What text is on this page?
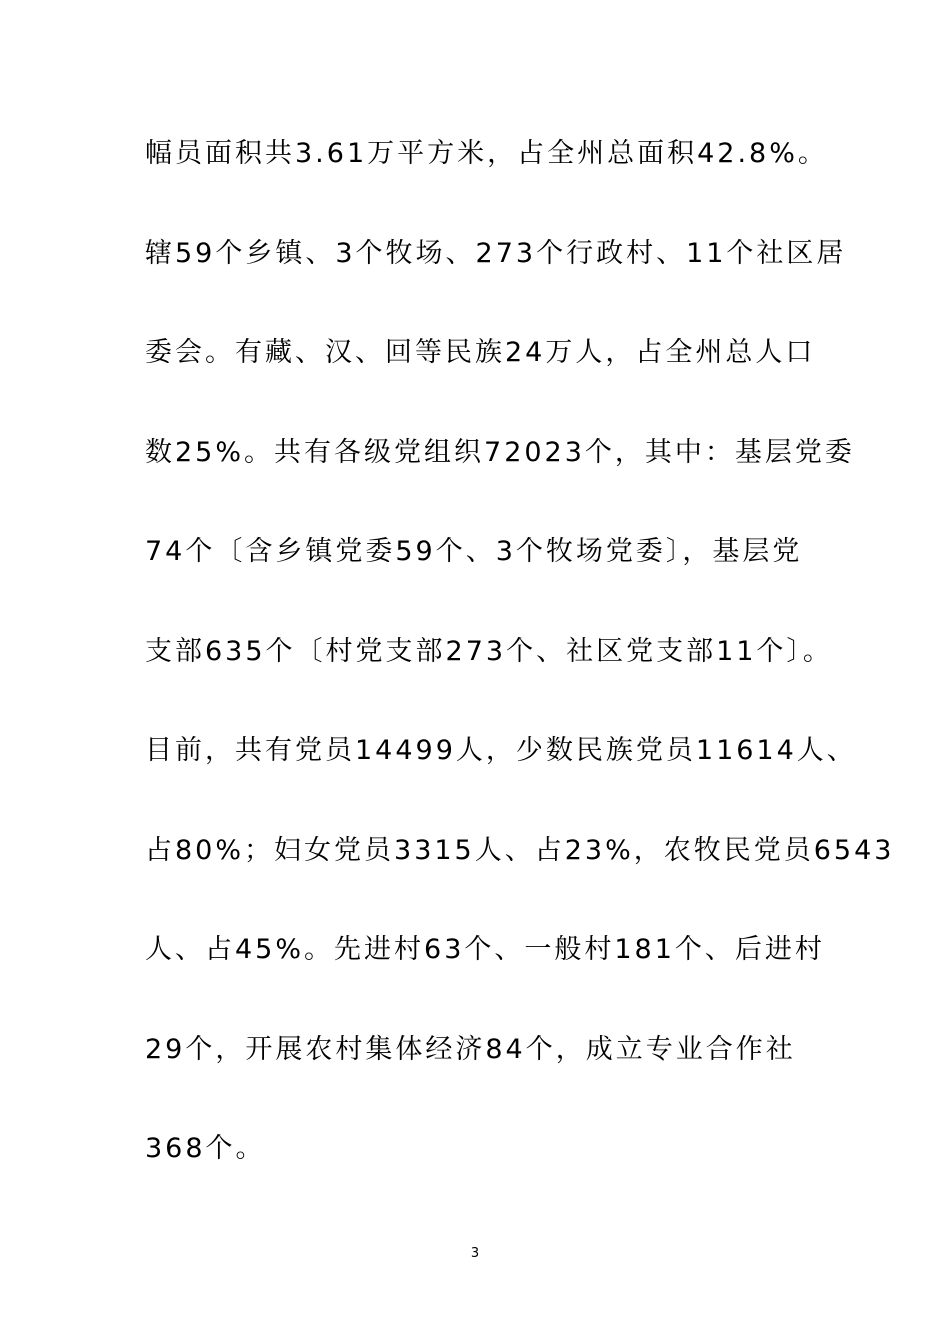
幅员面积共3.61万平方米，占全州总面积42.8%。
辖59个乡镇、3个牧场、273个行政村、11个社区居
委会。有藏、汉、回等民族24万人，占全州总人口
数25%。共有各级党组织72023个，其中：基层党委
74个〔含乡镇党委59个、3个牧场党委〕，基层党
支部635个〔村党支部273个、社区党支部11个〕。
目前，共有党员14499人，少数民族党员11614人、
占80%；妇女党员3315人、占23%，农牧民党员6543
人、占45%。先进村63个、一般村181个、后进村
29个，开展农村集体经济84个，成立专业合作社
368个。
3
